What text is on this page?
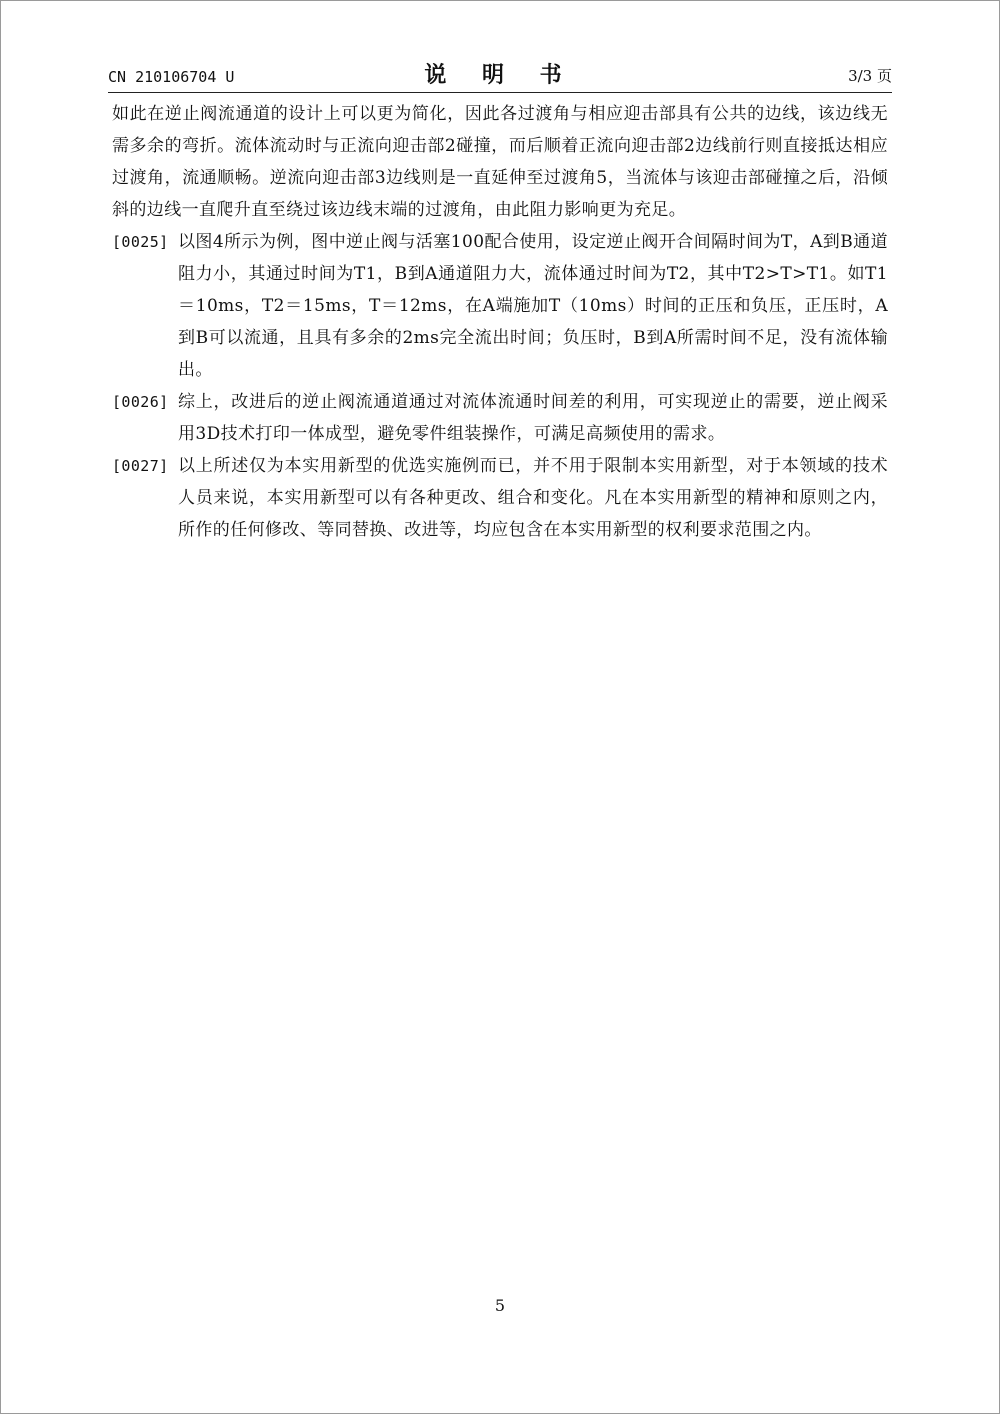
CN 210106704 U	说 明 书	3/3 页

如此在逆止阀流通道的设计上可以更为简化，因此各过渡角与相应迎击部具有公共的边线，该边线无需多余的弯折。流体流动时与正流向迎击部2碰撞，而后顺着正流向迎击部2边线前行则直接抵达相应过渡角，流通顺畅。逆流向迎击部3边线则是一直延伸至过渡角5，当流体与该迎击部碰撞之后，沿倾斜的边线一直爬升直至绕过该边线末端的过渡角，由此阻力影响更为充足。

[0025] 以图4所示为例，图中逆止阀与活塞100配合使用，设定逆止阀开合间隔时间为T，A到B通道阻力小，其通过时间为T1，B到A通道阻力大，流体通过时间为T2，其中T2>T>T1。如T1＝10ms，T2＝15ms，T＝12ms，在A端施加T（10ms）时间的正压和负压，正压时，A到B可以流通，且具有多余的2ms完全流出时间；负压时，B到A所需时间不足，没有流体输出。
[0026] 综上，改进后的逆止阀流通道通过对流体流通时间差的利用，可实现逆止的需要，逆止阀采用3D技术打印一体成型，避免零件组装操作，可满足高频使用的需求。
[0027] 以上所述仅为本实用新型的优选实施例而已，并不用于限制本实用新型，对于本领域的技术人员来说，本实用新型可以有各种更改、组合和变化。凡在本实用新型的精神和原则之内，所作的任何修改、等同替换、改进等，均应包含在本实用新型的权利要求范围之内。
5
